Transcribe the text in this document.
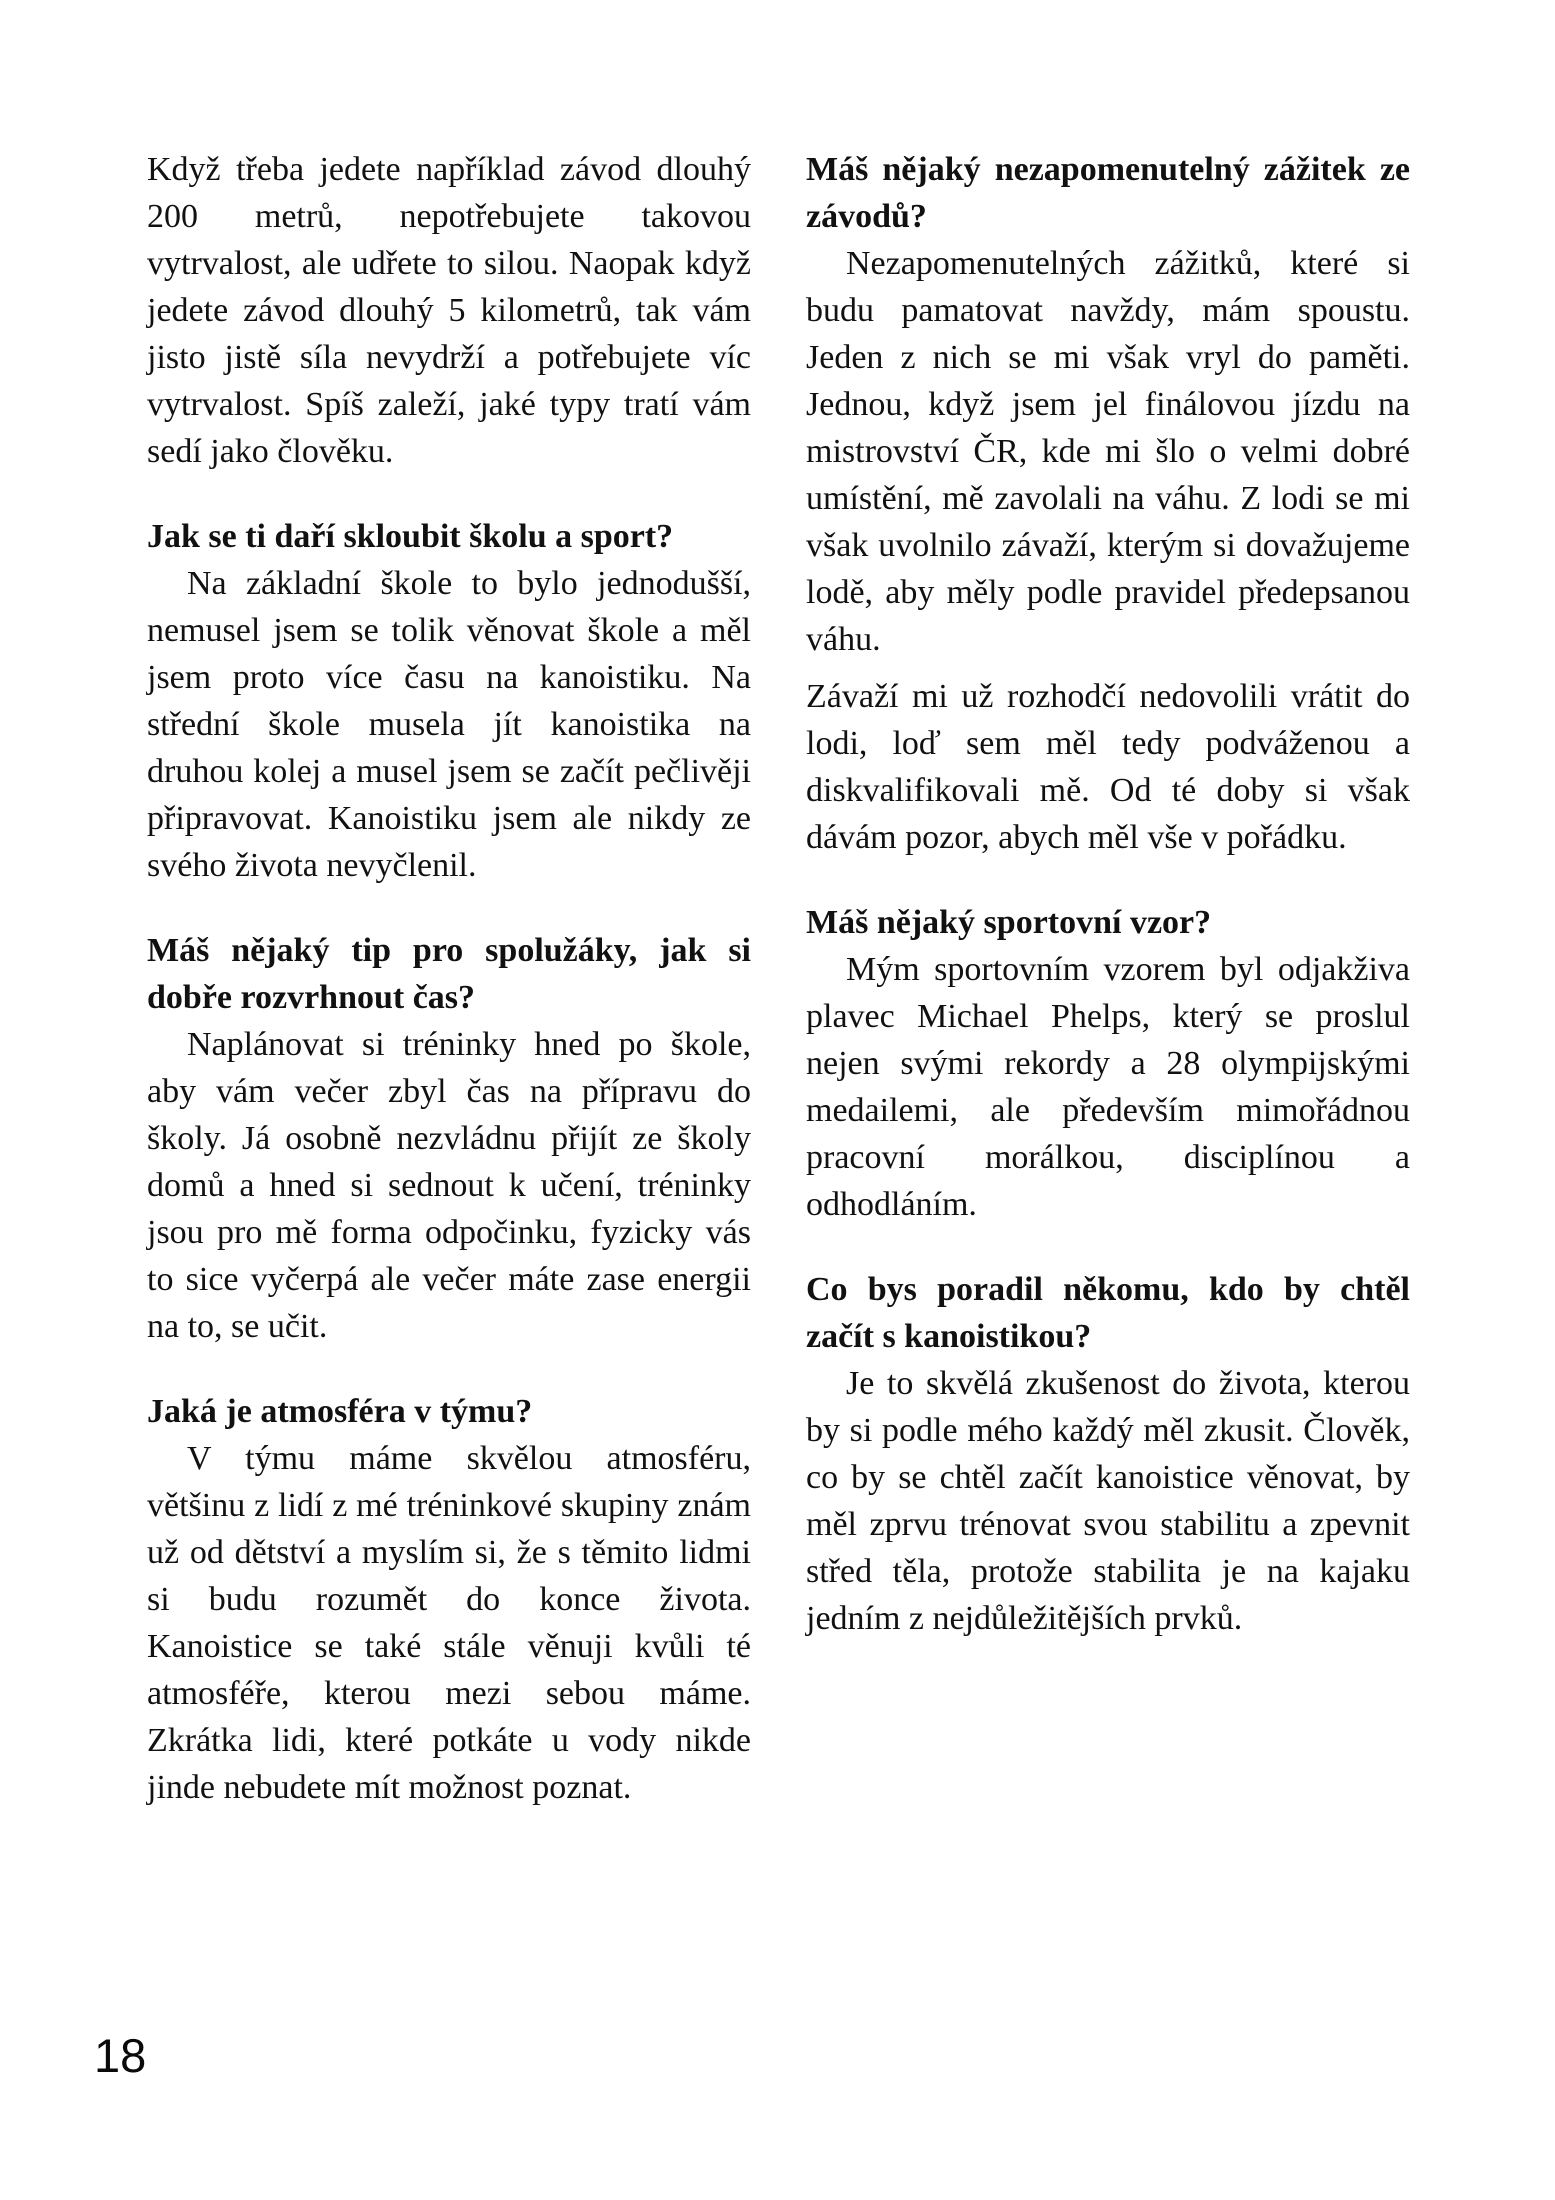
Když třeba jedete například závod dlouhý 200 metrů, nepotřebujete takovou vytrvalost, ale udřete to silou. Naopak když jedete závod dlouhý 5 kilometrů, tak vám jisto jistě síla nevydrží a potřebujete víc vytrvalost. Spíš zaleží, jaké typy tratí vám sedí jako člověku.

Jak se ti daří skloubit školu a sport?

Na základní škole to bylo jednodušší, nemusel jsem se tolik věnovat škole a měl jsem proto více času na kanoistiku. Na střední škole musela jít kanoistika na druhou kolej a musel jsem se začít pečlivěji připravovat. Kanoistiku jsem ale nikdy ze svého života nevyčlenil.

Máš nějaký tip pro spolužáky, jak si dobře rozvrhnout čas?

Naplánovat si tréninky hned po škole, aby vám večer zbyl čas na přípravu do školy. Já osobně nezvládnu přijít ze školy domů a hned si sednout k učení, tréninky jsou pro mě forma odpočinku, fyzicky vás to sice vyčerpá ale večer máte zase energii na to, se učit.

Jaká je atmosféra v týmu?

V týmu máme skvělou atmosféru, většinu z lidí z mé tréninkové skupiny znám už od dětství a myslím si, že s těmito lidmi si budu rozumět do konce života. Kanoistice se také stále věnuji kvůli té atmosféře, kterou mezi sebou máme. Zkrátka lidi, které potkáte u vody nikde jinde nebudete mít možnost poznat.

Máš nějaký nezapomenutelný zážitek ze závodů?

Nezapomenutelných zážitků, které si budu pamatovat navždy, mám spoustu. Jeden z nich se mi však vryl do paměti. Jednou, když jsem jel finálovou jízdu na mistrovství ČR, kde mi šlo o velmi dobré umístění, mě zavolali na váhu. Z lodi se mi však uvolnilo závaží, kterým si dovažujeme lodě, aby měly podle pravidel předepsanou váhu.

Závaží mi už rozhodčí nedovolili vrátit do lodi, loď sem měl tedy podváženou a diskvalifikovali mě. Od té doby si však dávám pozor, abych měl vše v pořádku.

Máš nějaký sportovní vzor?

Mým sportovním vzorem byl odjakživa plavec Michael Phelps, který se proslul nejen svými rekordy a 28 olympijskými medailemi, ale především mimořádnou pracovní morálkou, disciplínou a odhodláním.

Co bys poradil někomu, kdo by chtěl začít s kanoistikou?

Je to skvělá zkušenost do života, kterou by si podle mého každý měl zkusit. Člověk, co by se chtěl začít kanoistice věnovat, by měl zprvu trénovat svou stabilitu a zpevnit střed těla, protože stabilita je na kajaku jedním z nejdůležitějších prvků.

18
